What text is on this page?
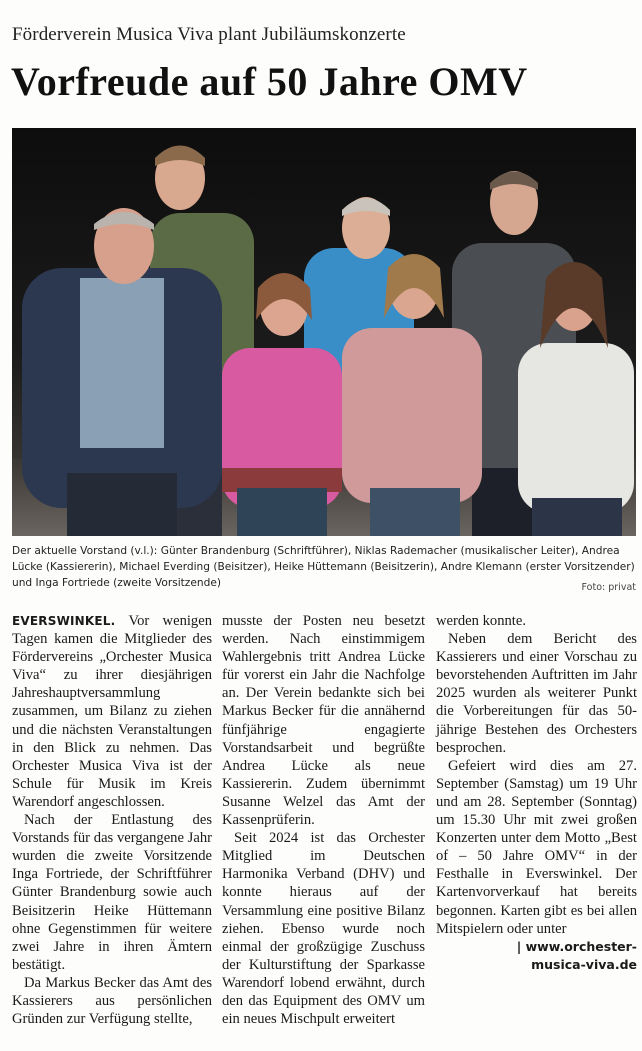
Förderverein Musica Viva plant Jubiläumskonzerte
Vorfreude auf 50 Jahre OMV

Der aktuelle Vorstand (v.l.): Günter Brandenburg (Schriftführer), Niklas Rademacher (musikalischer Leiter), Andrea Lücke (Kassiererin), Michael Everding (Beisitzer), Heike Hüttemann (Beisitzerin), Andre Klemann (erster Vorsitzender) und Inga Fortriede (zweite Vorsitzende)	Foto: privat

EVERSWINKEL. Vor wenigen Tagen kamen die Mitglieder des Fördervereins „Orchester Musica Viva“ zu ihrer diesjährigen Jahreshauptversammlung zusammen, um Bilanz zu ziehen und die nächsten Veranstaltungen in den Blick zu nehmen. Das Orchester Musica Viva ist der Schule für Musik im Kreis Warendorf angeschlossen.

Nach der Entlastung des Vorstands für das vergangene Jahr wurden die zweite Vorsitzende Inga Fortriede, der Schriftführer Günter Brandenburg sowie auch Beisitzerin Heike Hüttemann ohne Gegenstimmen für weitere zwei Jahre in ihren Ämtern bestätigt.

Da Markus Becker das Amt des Kassierers aus persönlichen Gründen zur Verfügung stellte,

musste der Posten neu besetzt werden. Nach einstimmigem Wahlergebnis tritt Andrea Lücke für vorerst ein Jahr die Nachfolge an. Der Verein bedankte sich bei Markus Becker für die annähernd fünfjährige engagierte Vorstandsarbeit und begrüßte Andrea Lücke als neue Kassiererin. Zudem übernimmt Susanne Welzel das Amt der Kassenprüferin.

Seit 2024 ist das Orchester Mitglied im Deutschen Harmonika Verband (DHV) und konnte hieraus auf der Versammlung eine positive Bilanz ziehen. Ebenso wurde noch einmal der großzügige Zuschuss der Kulturstiftung der Sparkasse Warendorf lobend erwähnt, durch den das Equipment des OMV um ein neues Mischpult erweitert

werden konnte.

Neben dem Bericht des Kassierers und einer Vorschau zu bevorstehenden Auftritten im Jahr 2025 wurden als weiterer Punkt die Vorbereitungen für das 50-jährige Bestehen des Orchesters besprochen.

Gefeiert wird dies am 27. September (Samstag) um 19 Uhr und am 28. September (Sonntag) um 15.30 Uhr mit zwei großen Konzerten unter dem Motto „Best of – 50 Jahre OMV“ in der Festhalle in Everswinkel. Der Kartenvorverkauf hat bereits begonnen. Karten gibt es bei allen Mitspielern oder unter

| www.orchester-

musica-viva.de
